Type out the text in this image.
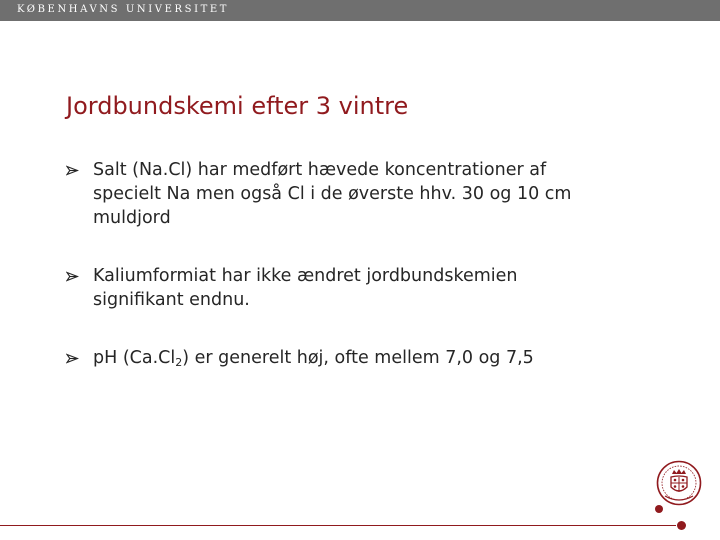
KØBENHAVNS UNIVERSITET
Jordbundskemi efter 3 vintre
Salt (Na.Cl) har medført hævede koncentrationer af
specielt Na men også Cl i de øverste hhv. 30 og 10 cm
muldjord
Kaliumformiat har ikke ændret jordbundskemien
signifikant endnu.
pH $(Ca.Cl_2)$ er generelt høj, ofte mellem 7,0 og 7,5
